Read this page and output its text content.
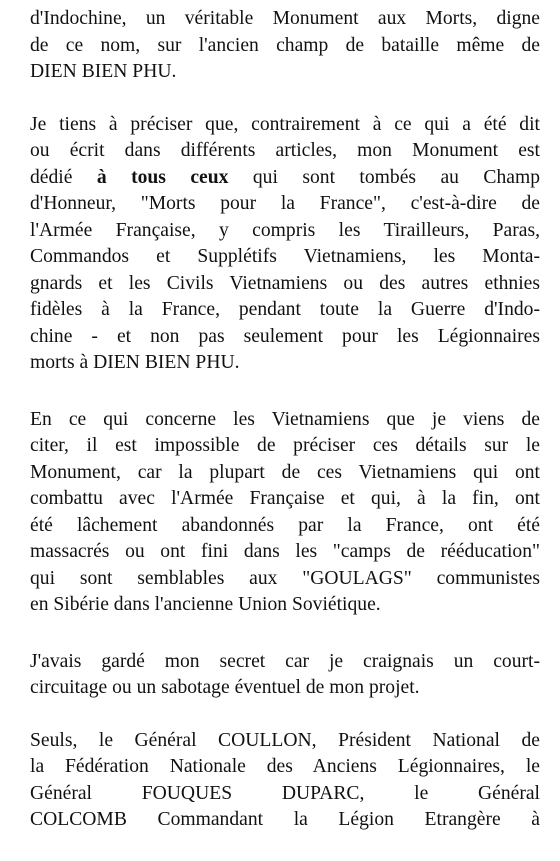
d'Indochine, un véritable Monument aux Morts, digne
de ce nom, sur l'ancien champ de bataille même de
DIEN BIEN PHU.

Je tiens à préciser que, contrairement à ce qui a été dit
ou écrit dans différents articles, mon Monument est
dédié à tous ceux qui sont tombés au Champ
d'Honneur, "Morts pour la France", c'est-à-dire de
l'Armée Française, y compris les Tirailleurs, Paras,
Commandos et Supplétifs Vietnamiens, les Monta-
gnards et les Civils Vietnamiens ou des autres ethnies
fidèles à la France, pendant toute la Guerre d'Indo-
chine - et non pas seulement pour les Légionnaires
morts à DIEN BIEN PHU.

En ce qui concerne les Vietnamiens que je viens de
citer, il est impossible de préciser ces détails sur le
Monument, car la plupart de ces Vietnamiens qui ont
combattu avec l'Armée Française et qui, à la fin, ont
été lâchement abandonnés par la France, ont été
massacrés ou ont fini dans les "camps de rééducation"
qui sont semblables aux "GOULAGS" communistes
en Sibérie dans l'ancienne Union Soviétique.

J'avais gardé mon secret car je craignais un court-
circuitage ou un sabotage éventuel de mon projet.

Seuls, le Général COULLON, Président National de
la Fédération Nationale des Anciens Légionnaires, le
Général FOUQUES DUPARC, le Général
COLCOMB Commandant la Légion Etrangère à
